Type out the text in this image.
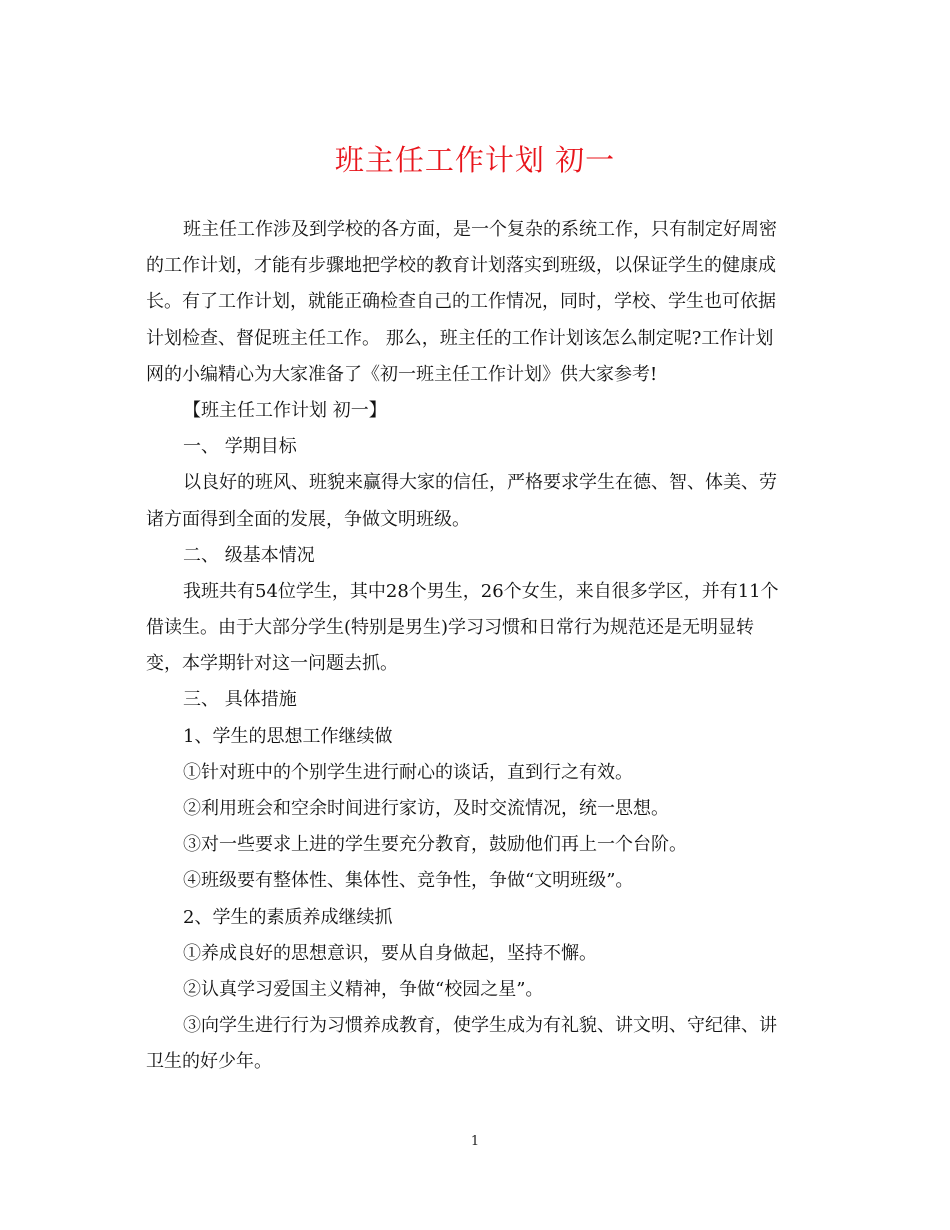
班主任工作计划 初一
班主任工作涉及到学校的各方面，是一个复杂的系统工作，只有制定好周密
的工作计划，才能有步骤地把学校的教育计划落实到班级，以保证学生的健康成
长。有了工作计划，就能正确检查自己的工作情况，同时，学校、学生也可依据
计划检查、督促班主任工作。 那么，班主任的工作计划该怎么制定呢?工作计划
网的小编精心为大家准备了《初一班主任工作计划》供大家参考!
【班主任工作计划 初一】
一、 学期目标
以良好的班风、班貌来赢得大家的信任，严格要求学生在德、智、体美、劳
诸方面得到全面的发展，争做文明班级。
二、 级基本情况
我班共有54位学生，其中28个男生，26个女生，来自很多学区，并有11个
借读生。由于大部分学生(特别是男生)学习习惯和日常行为规范还是无明显转
变，本学期针对这一问题去抓。
三、 具体措施
1、学生的思想工作继续做
①针对班中的个别学生进行耐心的谈话，直到行之有效。
②利用班会和空余时间进行家访，及时交流情况，统一思想。
③对一些要求上进的学生要充分教育，鼓励他们再上一个台阶。
④班级要有整体性、集体性、竞争性，争做“文明班级”。
2、学生的素质养成继续抓
①养成良好的思想意识，要从自身做起，坚持不懈。
②认真学习爱国主义精神，争做“校园之星”。
③向学生进行行为习惯养成教育，使学生成为有礼貌、讲文明、守纪律、讲
卫生的好少年。
1
